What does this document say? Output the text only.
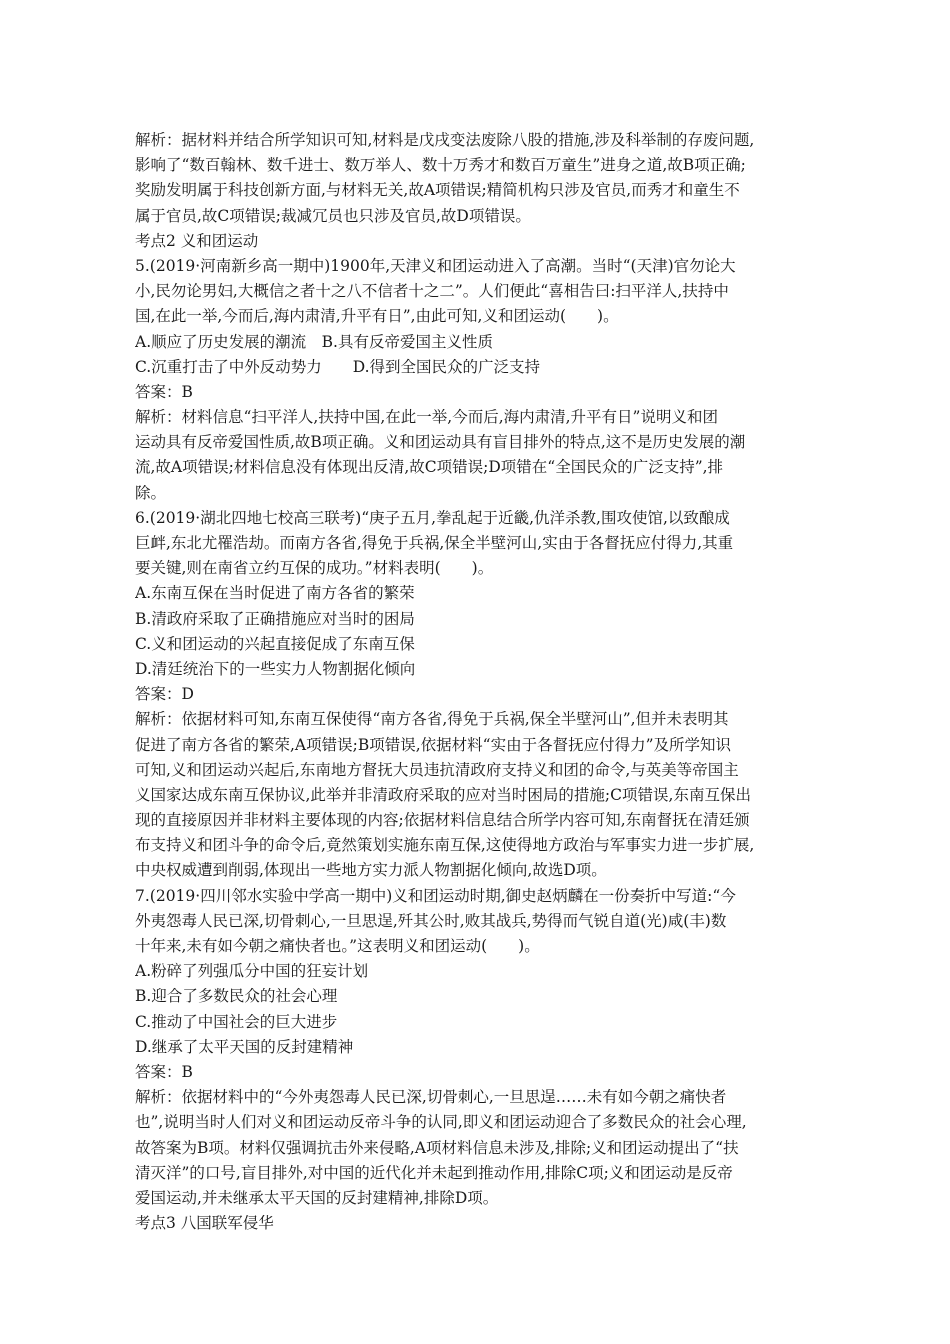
解析：据材料并结合所学知识可知,材料是戊戌变法废除八股的措施,涉及科举制的存废问题,
影响了“数百翰林、数千进士、数万举人、数十万秀才和数百万童生”进身之道,故B项正确;
奖励发明属于科技创新方面,与材料无关,故A项错误;精简机构只涉及官员,而秀才和童生不
属于官员,故C项错误;裁减冗员也只涉及官员,故D项错误。
考点2 义和团运动
5.(2019·河南新乡高一期中)1900年,天津义和团运动进入了高潮。当时“(天津)官勿论大
小,民勿论男妇,大概信之者十之八不信者十之二”。人们便此“喜相告曰:扫平洋人,扶持中
国,在此一举,今而后,海内肃清,升平有日”,由此可知,义和团运动(　　)。
A.顺应了历史发展的潮流　B.具有反帝爱国主义性质
C.沉重打击了中外反动势力　　D.得到全国民众的广泛支持
答案：B
解析：材料信息“扫平洋人,扶持中国,在此一举,今而后,海内肃清,升平有日”说明义和团
运动具有反帝爱国性质,故B项正确。义和团运动具有盲目排外的特点,这不是历史发展的潮
流,故A项错误;材料信息没有体现出反清,故C项错误;D项错在“全国民众的广泛支持”,排
除。
6.(2019·湖北四地七校高三联考)“庚子五月,拳乱起于近畿,仇洋杀教,围攻使馆,以致酿成
巨衅,东北尤罹浩劫。而南方各省,得免于兵祸,保全半壁河山,实由于各督抚应付得力,其重
要关键,则在南省立约互保的成功。”材料表明(　　)。
A.东南互保在当时促进了南方各省的繁荣
B.清政府采取了正确措施应对当时的困局
C.义和团运动的兴起直接促成了东南互保
D.清廷统治下的一些实力人物割据化倾向
答案：D
解析：依据材料可知,东南互保使得“南方各省,得免于兵祸,保全半壁河山”,但并未表明其
促进了南方各省的繁荣,A项错误;B项错误,依据材料“实由于各督抚应付得力”及所学知识
可知,义和团运动兴起后,东南地方督抚大员违抗清政府支持义和团的命令,与英美等帝国主
义国家达成东南互保协议,此举并非清政府采取的应对当时困局的措施;C项错误,东南互保出
现的直接原因并非材料主要体现的内容;依据材料信息结合所学内容可知,东南督抚在清廷颁
布支持义和团斗争的命令后,竟然策划实施东南互保,这使得地方政治与军事实力进一步扩展,
中央权威遭到削弱,体现出一些地方实力派人物割据化倾向,故选D项。
7.(2019·四川邻水实验中学高一期中)义和团运动时期,御史赵炳麟在一份奏折中写道:“今
外夷怨毒人民已深,切骨刺心,一旦思逞,歼其公时,败其战兵,势得而气锐自道(光)咸(丰)数
十年来,未有如今朝之痛快者也。”这表明义和团运动(　　)。
A.粉碎了列强瓜分中国的狂妄计划
B.迎合了多数民众的社会心理
C.推动了中国社会的巨大进步
D.继承了太平天国的反封建精神
答案：B
解析：依据材料中的“今外夷怨毒人民已深,切骨刺心,一旦思逞……未有如今朝之痛快者
也”,说明当时人们对义和团运动反帝斗争的认同,即义和团运动迎合了多数民众的社会心理,
故答案为B项。材料仅强调抗击外来侵略,A项材料信息未涉及,排除;义和团运动提出了“扶
清灭洋”的口号,盲目排外,对中国的近代化并未起到推动作用,排除C项;义和团运动是反帝
爱国运动,并未继承太平天国的反封建精神,排除D项。
考点3 八国联军侵华
